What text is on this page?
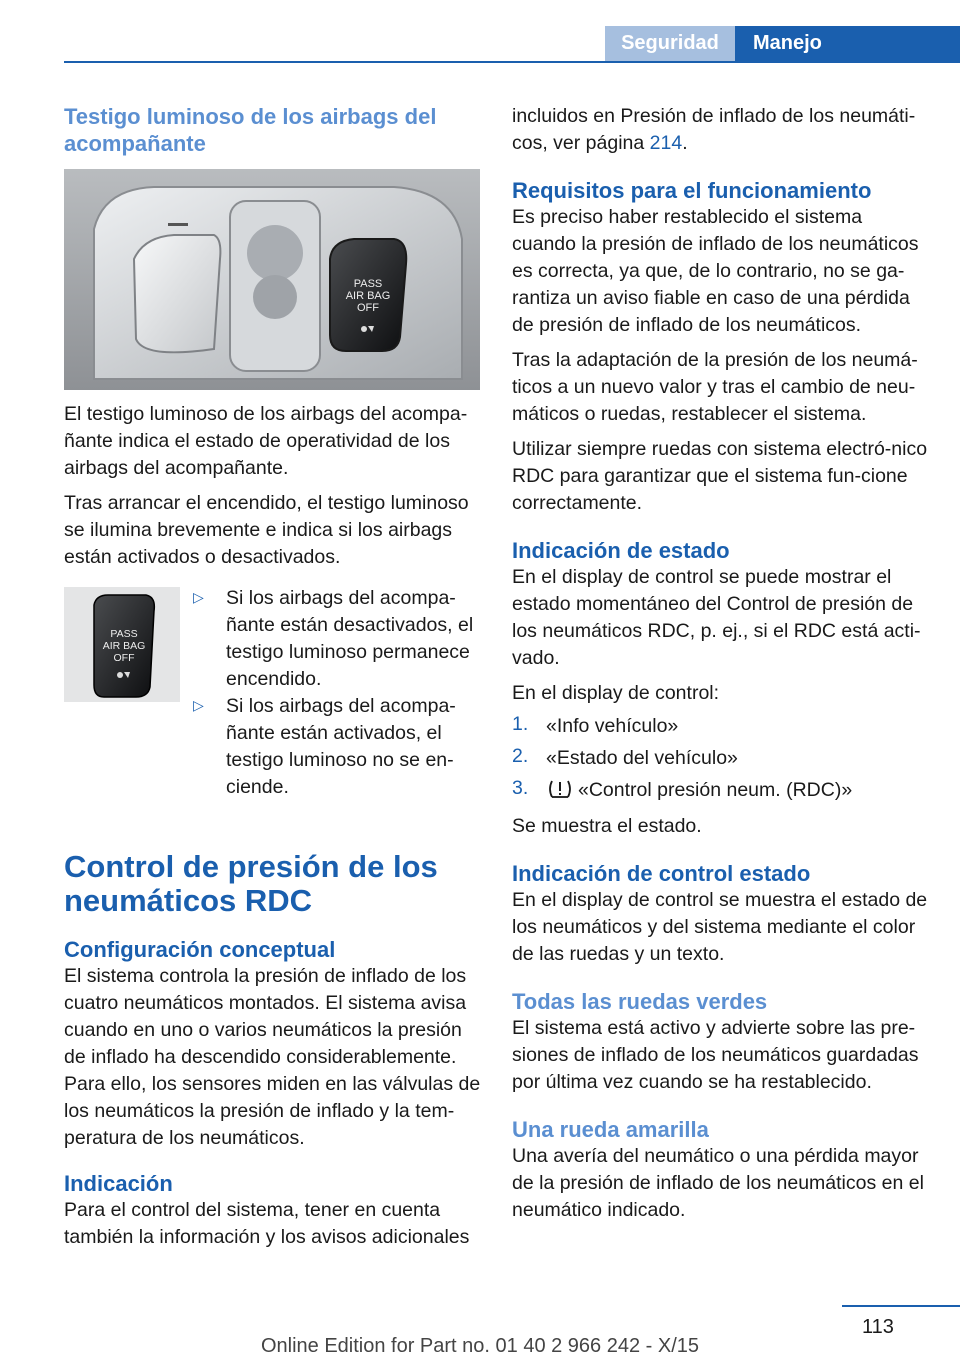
Seguridad	Manejo
Testigo luminoso de los airbags del acompañante
PASS
AIR BAG
OFF

El testigo luminoso de los airbags del acompa‐ñante indica el estado de operatividad de los airbags del acompañante.

Tras arrancar el encendido, el testigo luminoso se ilumina brevemente e indica si los airbags están activados o desactivados.

PASS
AIR BAG
OFF
▷ Si los airbags del acompa‐ñante están desactivados, el testigo luminoso permanece encendido.

▷ Si los airbags del acompa‐ñante están activados, el testigo luminoso no se en‐ciende.

Control de presión de los neumáticos RDC
Configuración conceptual

El sistema controla la presión de inflado de los cuatro neumáticos montados. El sistema avisa cuando en uno o varios neumáticos la presión de inflado ha descendido considerablemente. Para ello, los sensores miden en las válvulas de los neumáticos la presión de inflado y la tem‐peratura de los neumáticos.

Indicación

Para el control del sistema, tener en cuenta también la información y los avisos adicionales

incluidos en Presión de inflado de los neumáti‐cos, ver página 214.

Requisitos para el funcionamiento

Es preciso haber restablecido el sistema cuando la presión de inflado de los neumáticos es correcta, ya que, de lo contrario, no se ga‐rantiza un aviso fiable en caso de una pérdida de presión de inflado de los neumáticos.

Tras la adaptación de la presión de los neumá‐ticos a un nuevo valor y tras el cambio de neu‐máticos o ruedas, restablecer el sistema.

Utilizar siempre ruedas con sistema electró‐nico RDC para garantizar que el sistema fun‐cione correctamente.

Indicación de estado

En el display de control se puede mostrar el estado momentáneo del Control de presión de los neumáticos RDC, p. ej., si el RDC está acti‐vado.

En el display de control:

1. «Info vehículo»

2. «Estado del vehículo»

3.	«Control presión neum. (RDC)»

Se muestra el estado.

Indicación de control estado

En el display de control se muestra el estado de los neumáticos y del sistema mediante el color de las ruedas y un texto.

Todas las ruedas verdes

El sistema está activo y advierte sobre las pre‐siones de inflado de los neumáticos guardadas por última vez cuando se ha restablecido.

Una rueda amarilla

Una avería del neumático o una pérdida mayor de la presión de inflado de los neumáticos en el neumático indicado.

113
Online Edition for Part no. 01 40 2 966 242 - X/15
